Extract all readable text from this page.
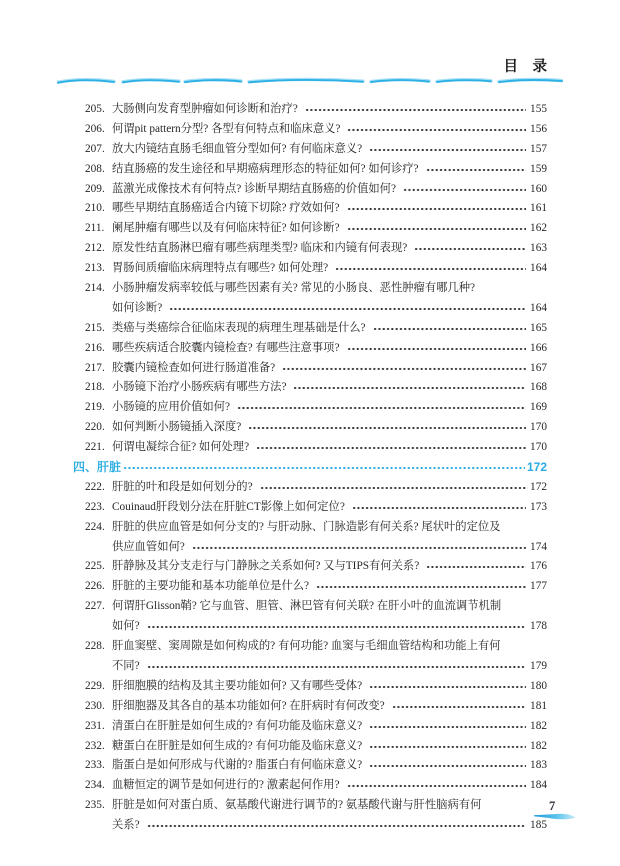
目　录
205. 大肠侧向发育型肿瘤如何诊断和治疗?	155
206. 何谓pit pattern分型? 各型有何特点和临床意义?	156
207. 放大内镜结直肠毛细血管分型如何? 有何临床意义?	157
208. 结直肠癌的发生途径和早期癌病理形态的特征如何? 如何诊疗?	159
209. 蓝激光成像技术有何特点? 诊断早期结直肠癌的价值如何?	160
210. 哪些早期结直肠癌适合内镜下切除? 疗效如何?	161
211. 阑尾肿瘤有哪些以及有何临床特征? 如何诊断?	162
212. 原发性结直肠淋巴瘤有哪些病理类型? 临床和内镜有何表现?	163
213. 胃肠间质瘤临床病理特点有哪些? 如何处理?	164
214. 小肠肿瘤发病率较低与哪些因素有关? 常见的小肠良、恶性肿瘤有哪几种?
如何诊断?	164
215. 类癌与类癌综合征临床表现的病理生理基础是什么?	165
216. 哪些疾病适合胶囊内镜检查? 有哪些注意事项?	166
217. 胶囊内镜检查如何进行肠道准备?	167
218. 小肠镜下治疗小肠疾病有哪些方法?	168
219. 小肠镜的应用价值如何?	169
220. 如何判断小肠镜插入深度?	170
221. 何谓电凝综合征? 如何处理?	170
四、肝脏	172
222. 肝脏的叶和段是如何划分的?	172
223. Couinaud肝段划分法在肝脏CT影像上如何定位?	173
224. 肝脏的供应血管是如何分支的? 与肝动脉、门脉造影有何关系? 尾状叶的定位及
供应血管如何?	174
225. 肝静脉及其分支走行与门静脉之关系如何? 又与TIPS有何关系?	176
226. 肝脏的主要功能和基本功能单位是什么?	177
227. 何谓肝Glisson鞘? 它与血管、胆管、淋巴管有何关联? 在肝小叶的血流调节机制
如何?	178
228. 肝血窦壁、窦周隙是如何构成的? 有何功能? 血窦与毛细血管结构和功能上有何
不同?	179
229. 肝细胞膜的结构及其主要功能如何? 又有哪些受体?	180
230. 肝细胞器及其各自的基本功能如何? 在肝病时有何改变?	181
231. 清蛋白在肝脏是如何生成的? 有何功能及临床意义?	182
232. 糖蛋白在肝脏是如何生成的? 有何功能及临床意义?	182
233. 脂蛋白是如何形成与代谢的? 脂蛋白有何临床意义?	183
234. 血糖恒定的调节是如何进行的? 激素起何作用?	184
235. 肝脏是如何对蛋白质、氨基酸代谢进行调节的? 氨基酸代谢与肝性脑病有何
关系?	185
7
